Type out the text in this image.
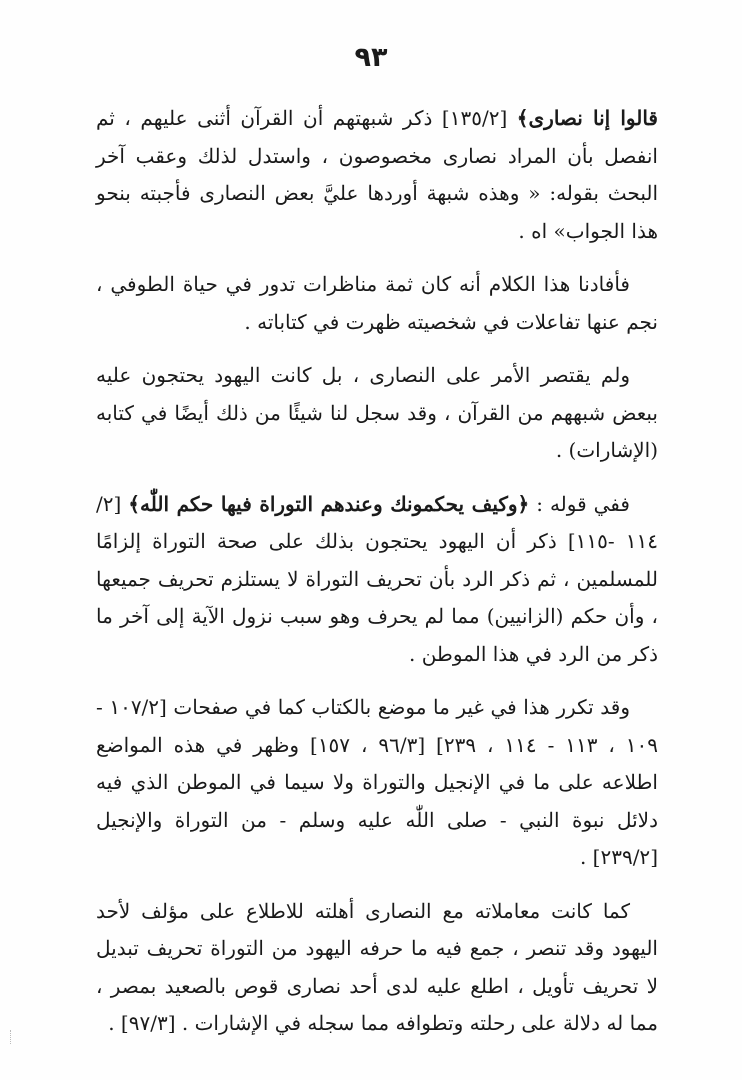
٩٣

قالوا إنا نصارى﴾ [١٣٥/٢] ذكر شبهتهم أن القرآن أثنى عليهم ، ثم انفصل بأن المراد نصارى مخصوصون ، واستدل لذلك وعقب آخر البحث بقوله: « وهذه شبهة أوردها عليَّ بعض النصارى فأجبته بنحو هذا الجواب» اه .

فأفادنا هذا الكلام أنه كان ثمة مناظرات تدور في حياة الطوفي ، نجم عنها تفاعلات في شخصيته ظهرت في كتاباته .

ولم يقتصر الأمر على النصارى ، بل كانت اليهود يحتجون عليه ببعض شبههم من القرآن ، وقد سجل لنا شيئًا من ذلك أيضًا في كتابه (الإشارات) .

ففي قوله : ﴿وكيف يحكمونك وعندهم التوراة فيها حكم اللّٰه﴾ [٢/ ١١٤ -١١٥] ذكر أن اليهود يحتجون بذلك على صحة التوراة إلزامًا للمسلمين ، ثم ذكر الرد بأن تحريف التوراة لا يستلزم تحريف جميعها ، وأن حكم (الزانيين) مما لم يحرف وهو سبب نزول الآية إلى آخر ما ذكر من الرد في هذا الموطن .

وقد تكرر هذا في غير ما موضع بالكتاب كما في صفحات [١٠٧/٢ - ١٠٩ ، ١١٣ - ١١٤ ، ٢٣٩] [٩٦/٣ ، ١٥٧] وظهر في هذه المواضع اطلاعه على ما في الإنجيل والتوراة ولا سيما في الموطن الذي فيه دلائل نبوة النبي - صلى اللّٰه عليه وسلم - من التوراة والإنجيل [٢٣٩/٢] .

كما كانت معاملاته مع النصارى أهلته للاطلاع على مؤلف لأحد اليهود وقد تنصر ، جمع فيه ما حرفه اليهود من التوراة تحريف تبديل لا تحريف تأويل ، اطلع عليه لدى أحد نصارى قوص بالصعيد بمصر ، مما له دلالة على رحلته وتطوافه مما سجله في الإشارات . [٩٧/٣] .
